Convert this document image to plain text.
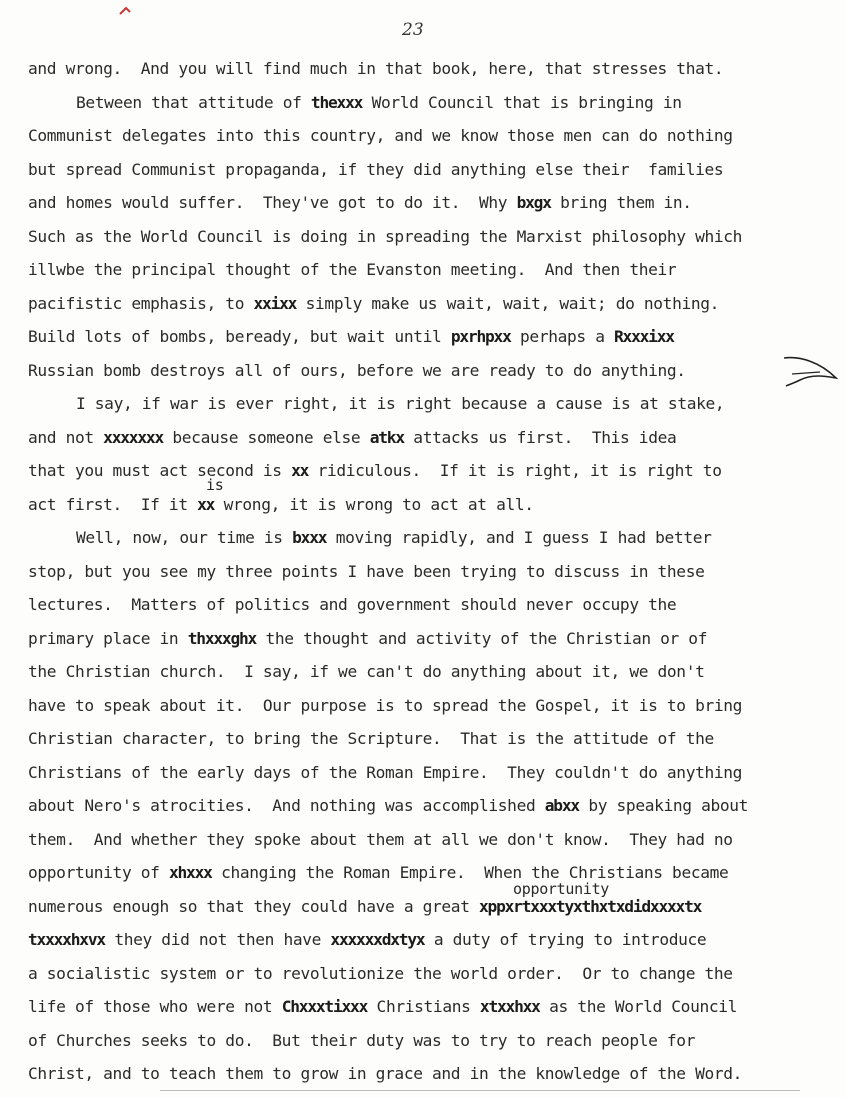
23
and wrong.  And you will find much in that book, here, that stresses that.
Between that attitude of thexxx World Council that is bringing in
Communist delegates into this country, and we know those men can do nothing
but spread Communist propaganda, if they did anything else their  families
and homes would suffer.  They've got to do it.  Why bxgx bring them in.
Such as the World Council is doing in spreading the Marxist philosophy which
illwbe the principal thought of the Evanston meeting.  And then their
pacifistic emphasis, to xxixx simply make us wait, wait, wait; do nothing.
Build lots of bombs, beready, but wait until pxrhpxx perhaps a Rxxxixx
Russian bomb destroys all of ours, before we are ready to do anything.
I say, if war is ever right, it is right because a cause is at stake,
and not xxxxxxx because someone else atkx attacks us first.  This idea
that you must act second is xx ridiculous.  If it is right, it is right to
act first.  If it xx wrong, it is wrong to act at all.
Well, now, our time is bxxx moving rapidly, and I guess I had better
stop, but you see my three points I have been trying to discuss in these
lectures.  Matters of politics and government should never occupy the
primary place in thxxxghx the thought and activity of the Christian or of
the Christian church.  I say, if we can't do anything about it, we don't
have to speak about it.  Our purpose is to spread the Gospel, it is to bring
Christian character, to bring the Scripture.  That is the attitude of the
Christians of the early days of the Roman Empire.  They couldn't do anything
about Nero's atrocities.  And nothing was accomplished abxx by speaking about
them.  And whether they spoke about them at all we don't know.  They had no
opportunity of xhxxx changing the Roman Empire.  When the Christians became
numerous enough so that they could have a great xppxrtxxxtyxthxtxdidxxxxtx
txxxxhxvx they did not then have xxxxxxdxtyx a duty of trying to introduce
a socialistic system or to revolutionize the world order.  Or to change the
life of those who were not Chxxxtixxx Christians xtxxhxx as the World Council
of Churches seeks to do.  But their duty was to try to reach people for
Christ, and to teach them to grow in grace and in the knowledge of the Word.
is
opportunity
